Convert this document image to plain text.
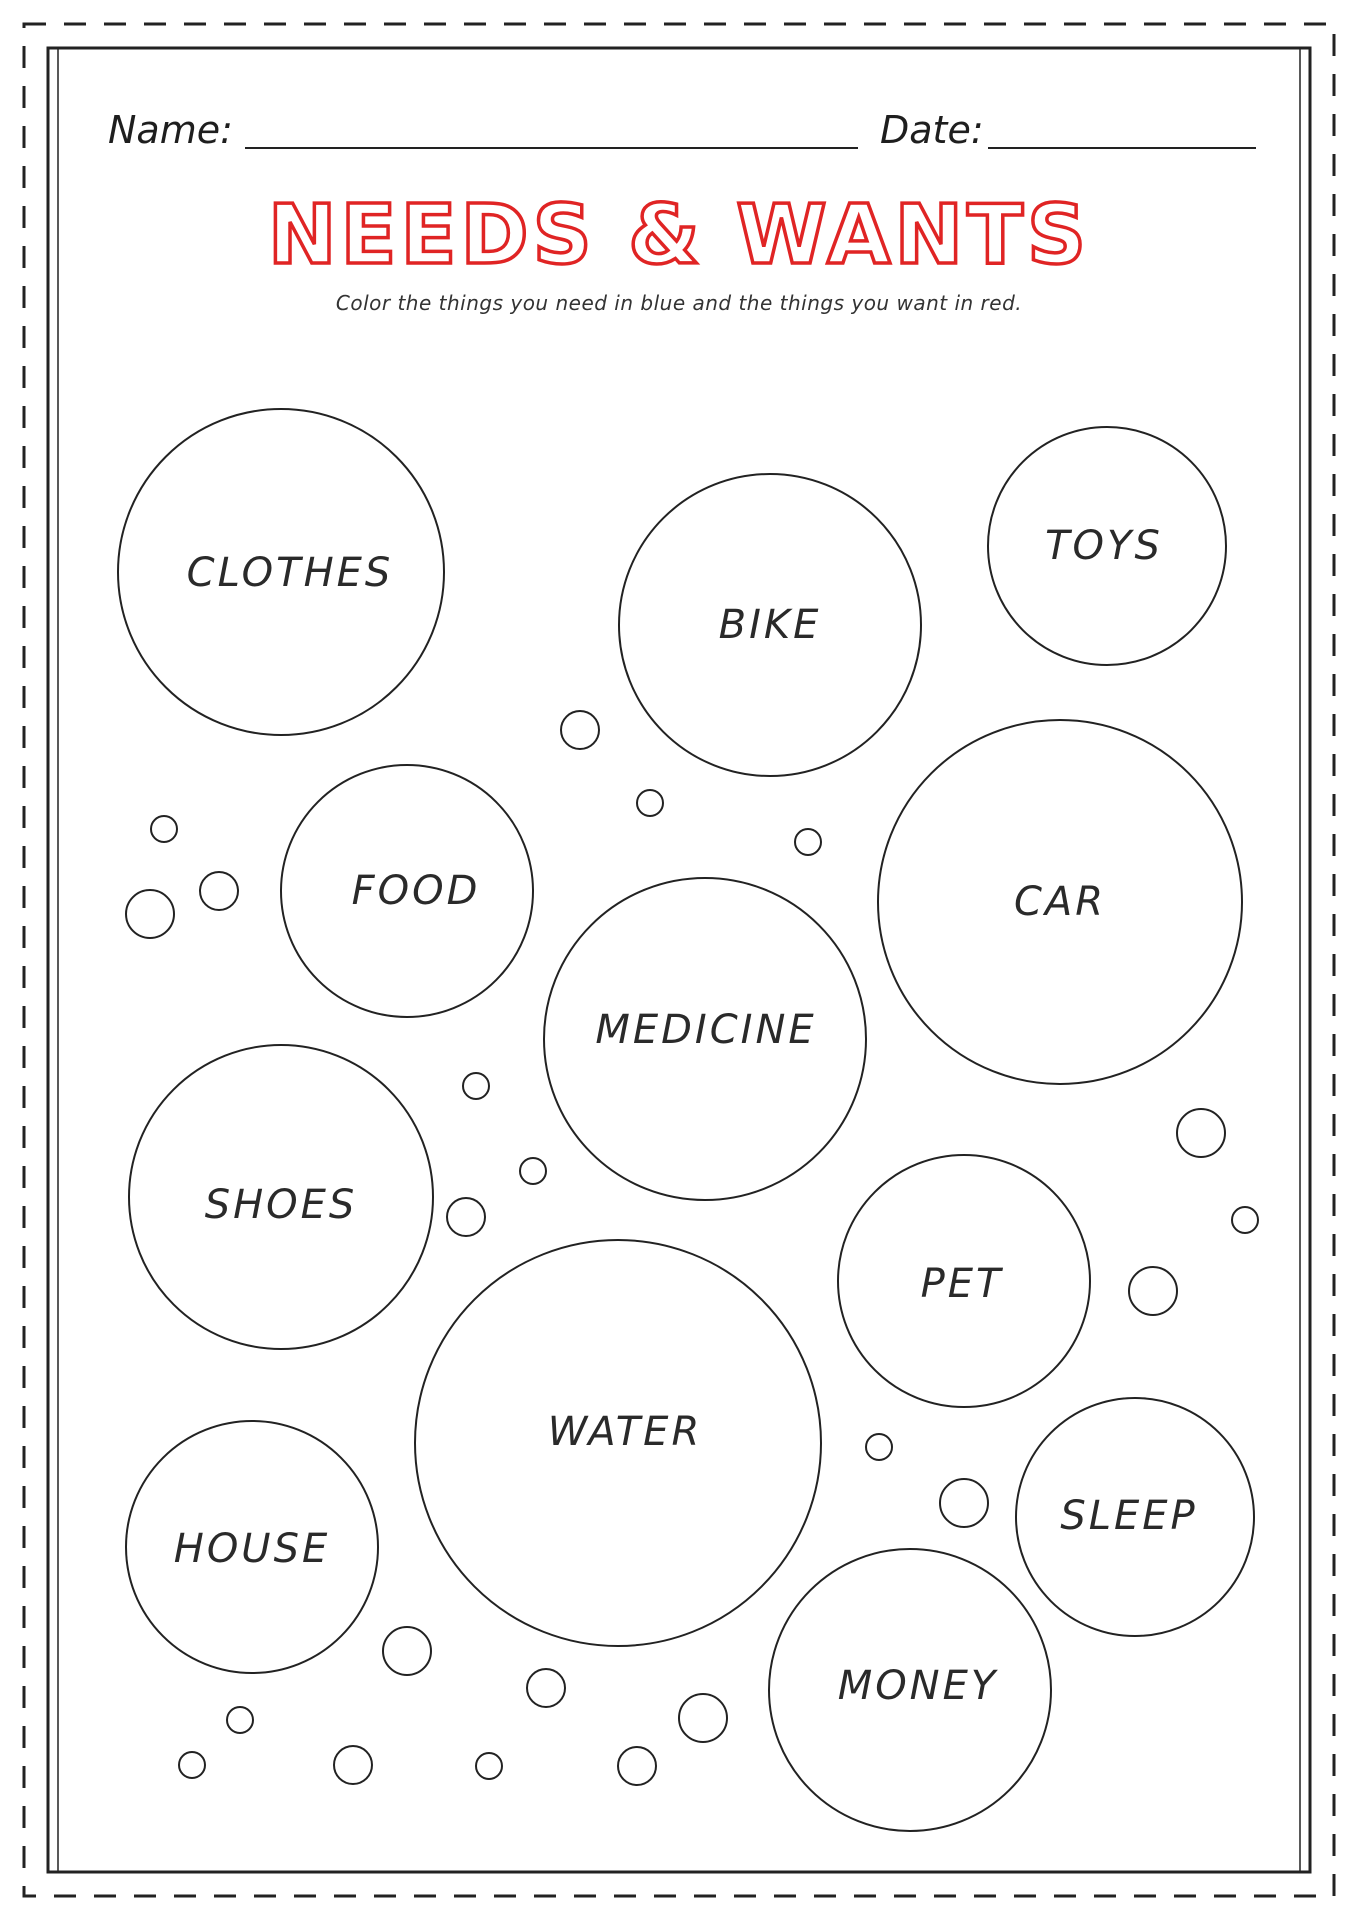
Name:	Date:
NEEDS & WANTS
Color the things you need in blue and the things you want in red.
CLOTHES
BIKE
TOYS
FOOD	CAR
MEDICINE
SHOES
PET
WATER
HOUSE
SLEEP
MONEY
